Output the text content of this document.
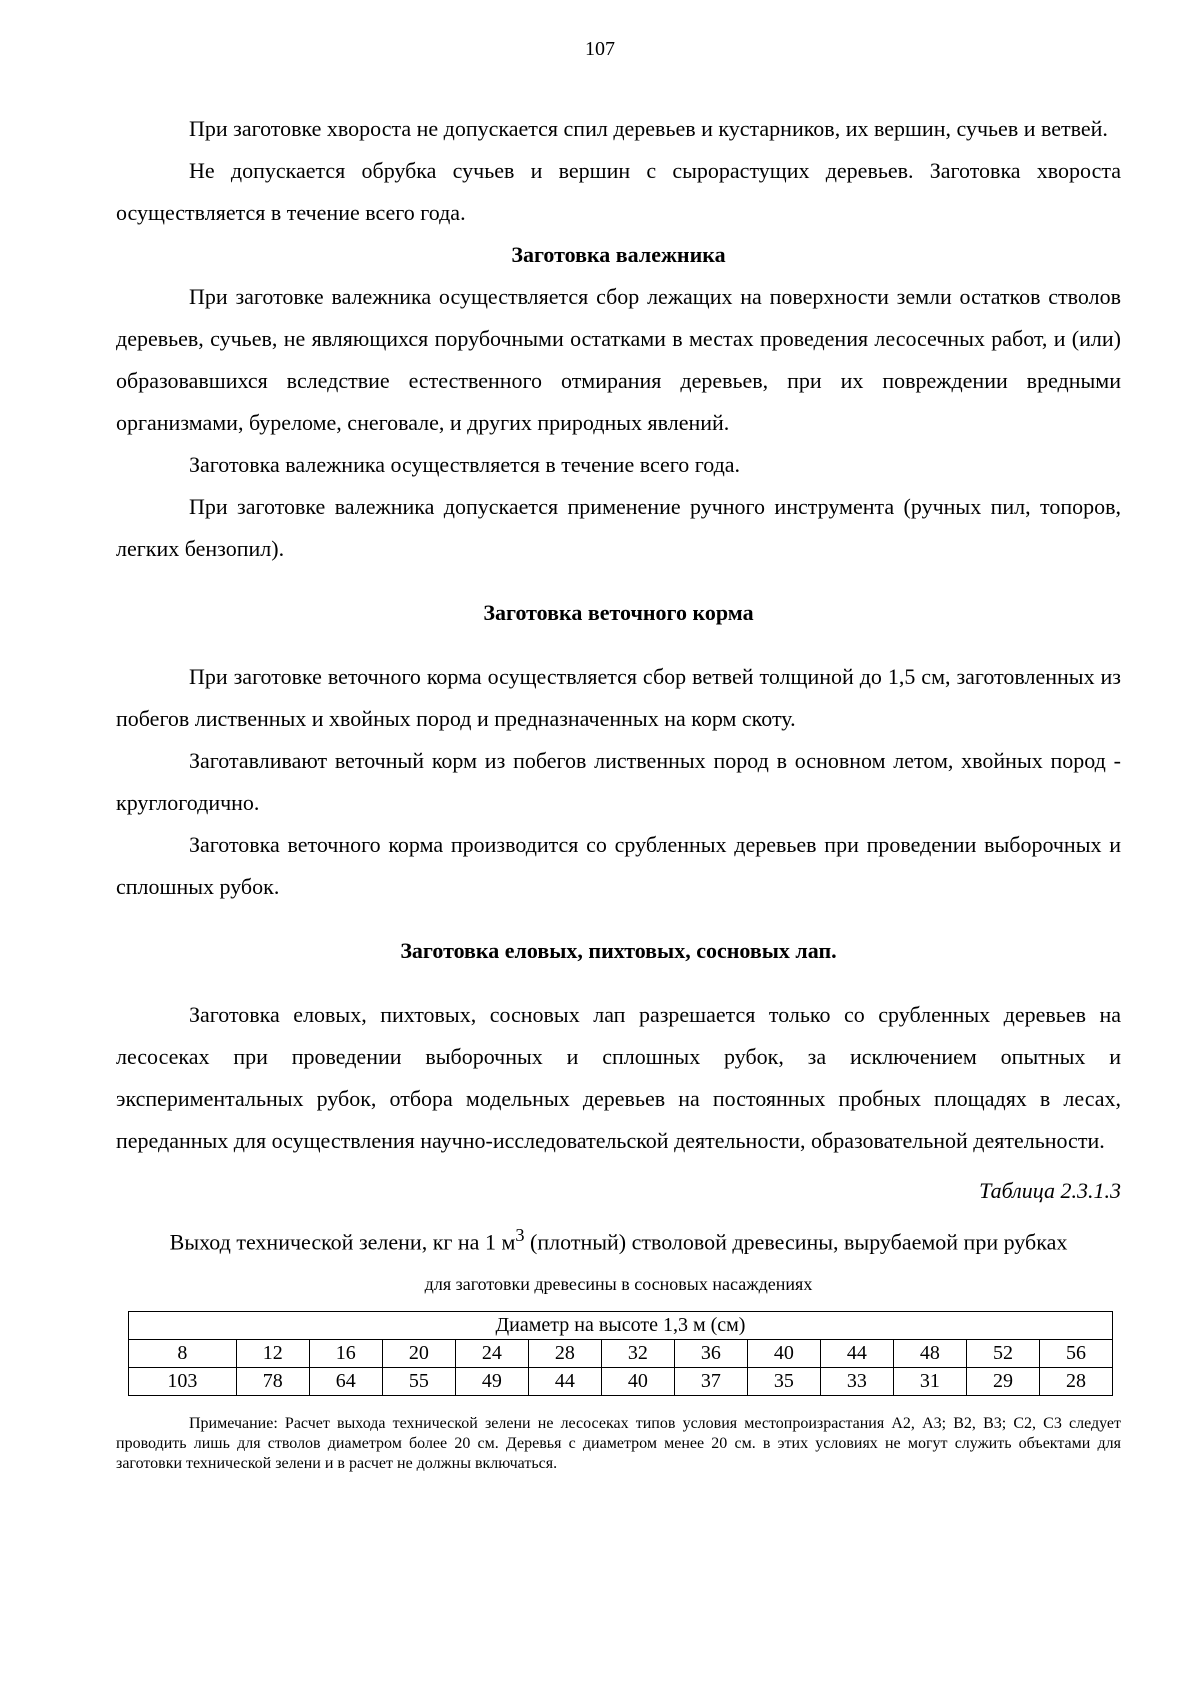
107

При заготовке хвороста не допускается спил деревьев и кустарников, их вершин, сучьев и ветвей.

Не допускается обрубка сучьев и вершин с сырорастущих деревьев. Заготовка хвороста осуществляется в течение всего года.

Заготовка валежника

При заготовке валежника осуществляется сбор лежащих на поверхности земли остатков стволов деревьев, сучьев, не являющихся порубочными остатками в местах проведения лесосечных работ, и (или) образовавшихся вследствие естественного отмирания деревьев, при их повреждении вредными организмами, буреломе, снеговале, и других природных явлений.

Заготовка валежника осуществляется в течение всего года.

При заготовке валежника допускается применение ручного инструмента (ручных пил, топоров, легких бензопил).

Заготовка веточного корма

При заготовке веточного корма осуществляется сбор ветвей толщиной до 1,5 см, заготовленных из побегов лиственных и хвойных пород и предназначенных на корм скоту.

Заготавливают веточный корм из побегов лиственных пород в основном летом, хвойных пород - круглогодично.

Заготовка веточного корма производится со срубленных деревьев при проведении выборочных и сплошных рубок.

Заготовка еловых, пихтовых, сосновых лап.

Заготовка еловых, пихтовых, сосновых лап разрешается только со срубленных деревьев на лесосеках при проведении выборочных и сплошных рубок, за исключением опытных и экспериментальных рубок, отбора модельных деревьев на постоянных пробных площадях в лесах, переданных для осуществления научно-исследовательской деятельности, образовательной деятельности.

Таблица 2.3.1.3
Выход технической зелени, кг на 1 $м^3$ (плотный) стволовой древесины, вырубаемой при рубках
для заготовки древесины в сосновых насаждениях
Диаметр на высоте 1,3 м (см)												
8	12	16	20	24	28	32	36	40	44	48	52	56
103	78	64	55	49	44	40	37	35	33	31	29	28
Примечание: Расчет выхода технической зелени не лесосеках типов условия местопроизрастания А2, А3; В2, В3; С2, С3 следует проводить лишь для стволов диаметром более 20 см. Деревья с диаметром менее 20 см. в этих условиях не могут служить объектами для заготовки технической зелени и в расчет не должны включаться.
